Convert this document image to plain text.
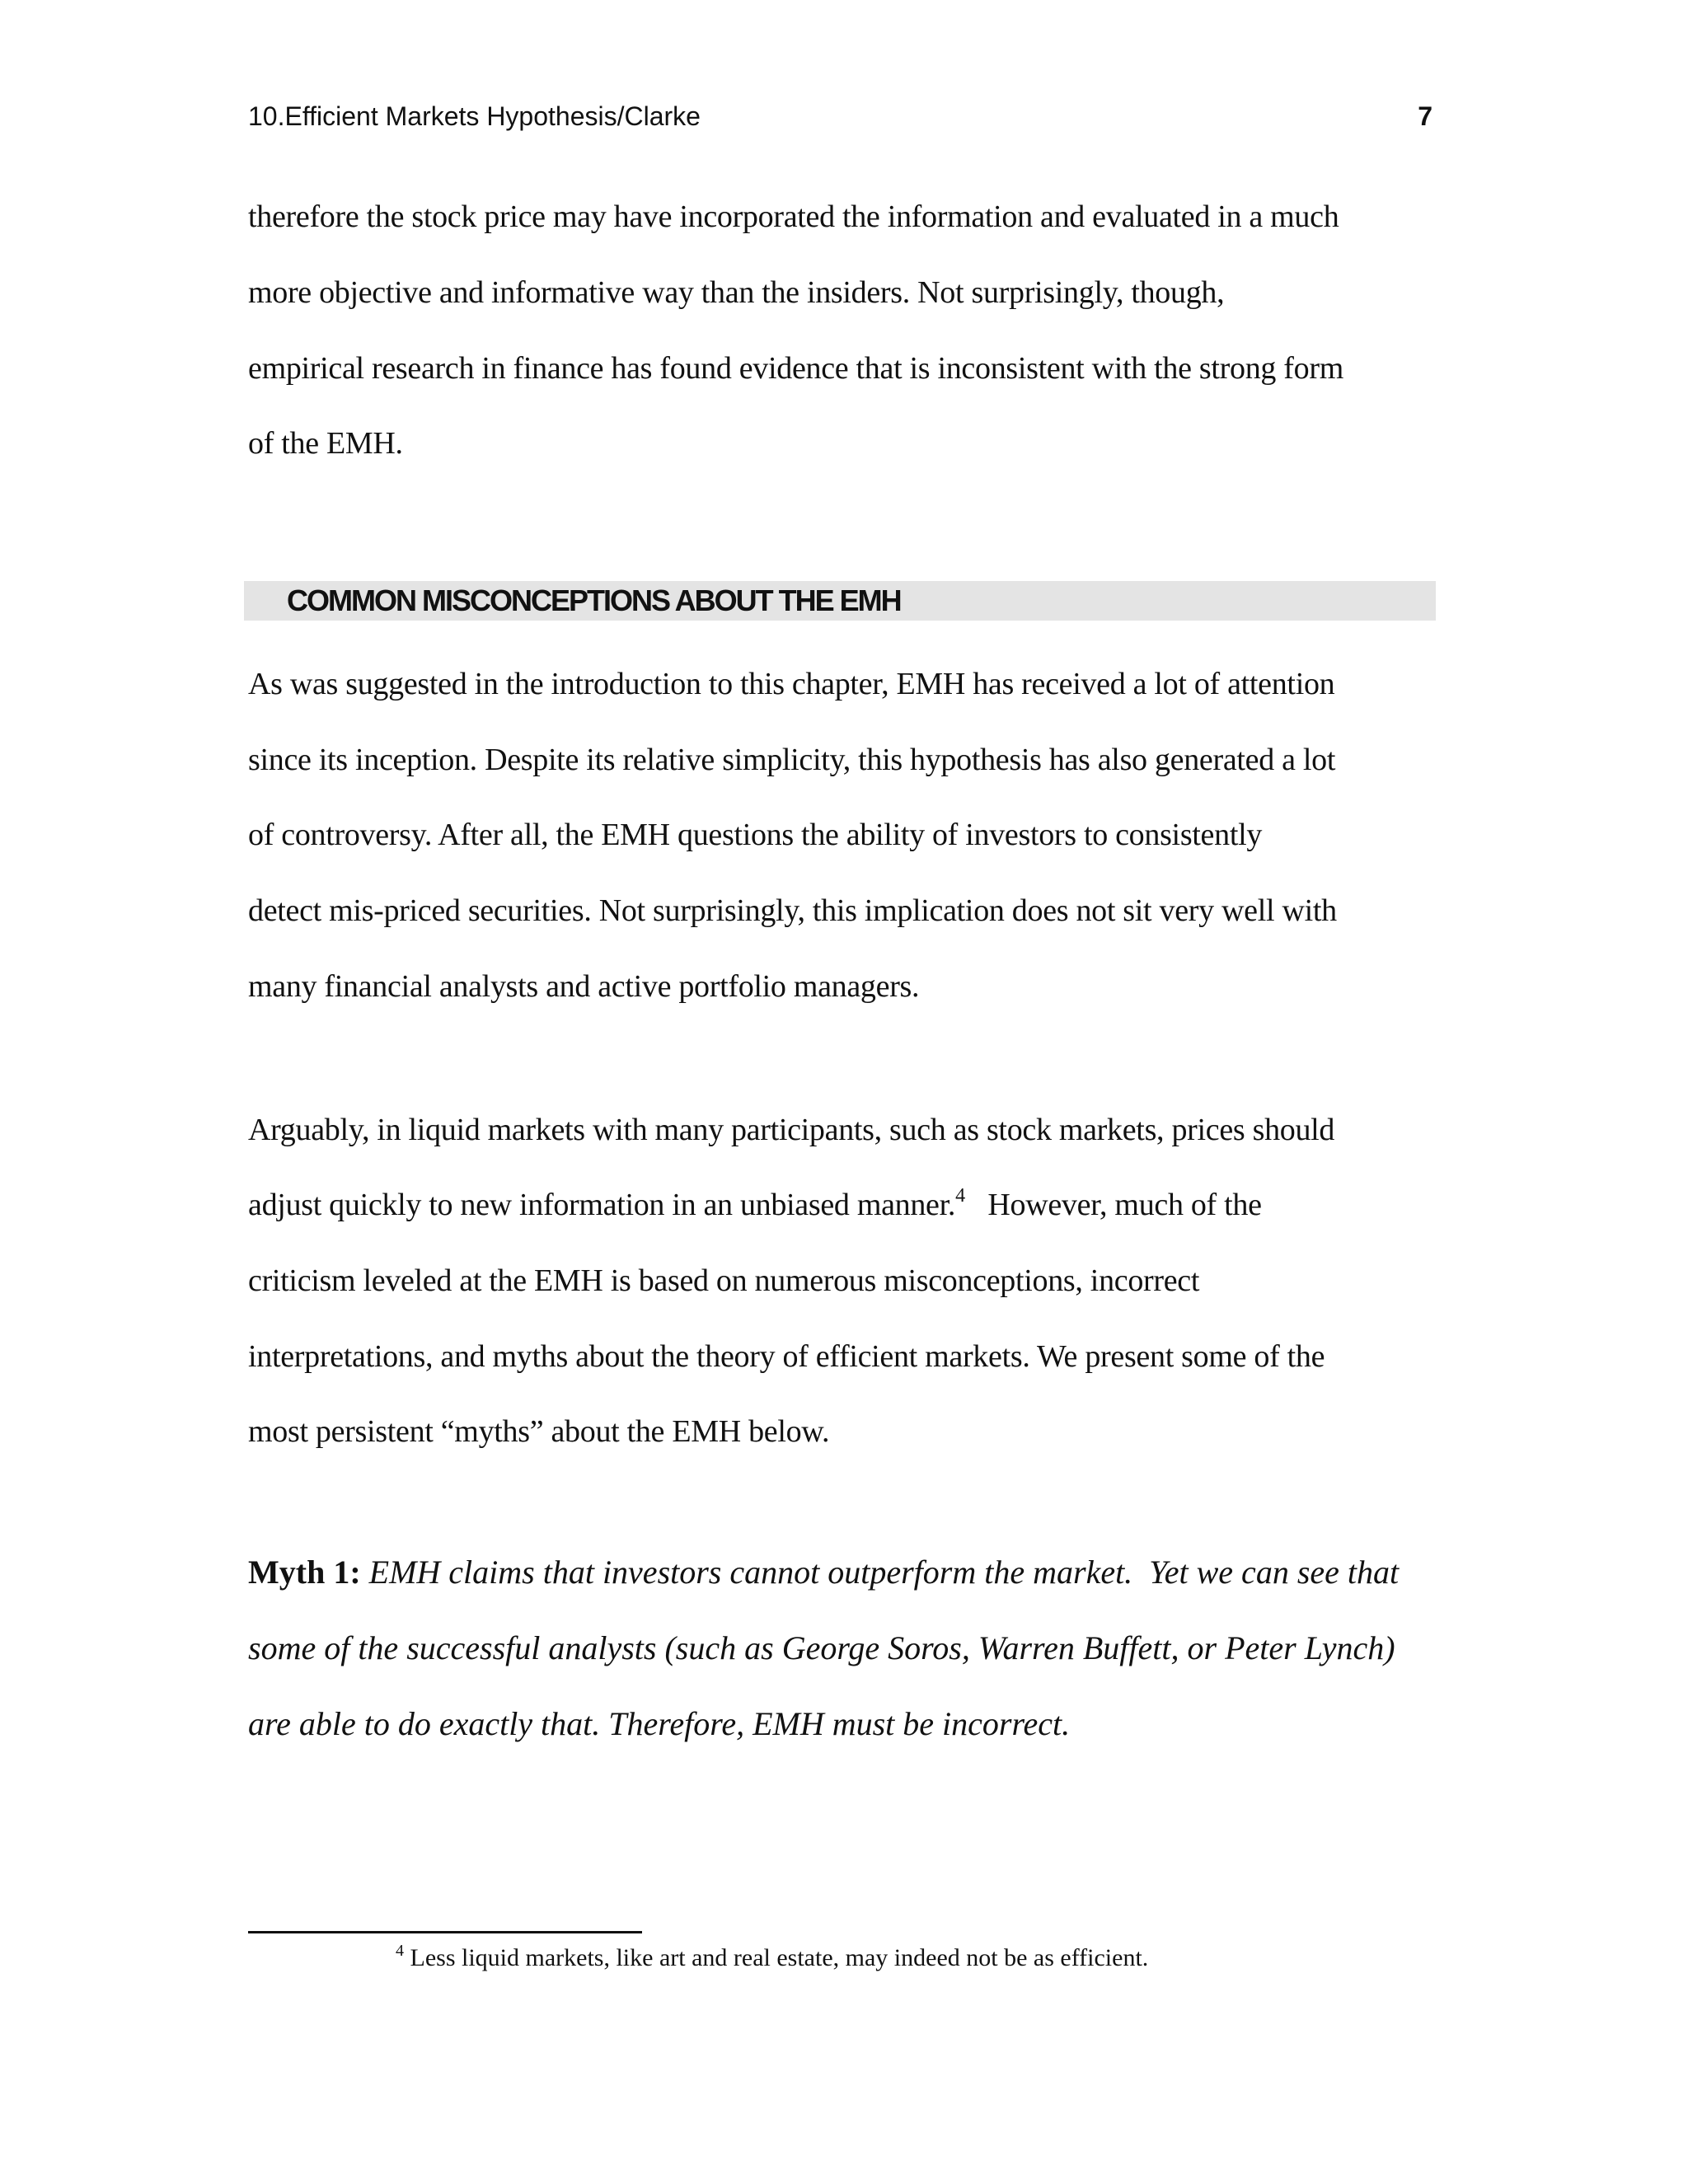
10.Efficient Markets Hypothesis/Clarke	7
therefore the stock price may have incorporated the information and evaluated in a much
more objective and informative way than the insiders. Not surprisingly, though,
empirical research in finance has found evidence that is inconsistent with the strong form
of the EMH.
COMMON MISCONCEPTIONS ABOUT THE EMH
As was suggested in the introduction to this chapter, EMH has received a lot of attention
since its inception. Despite its relative simplicity, this hypothesis has also generated a lot
of controversy. After all, the EMH questions the ability of investors to consistently
detect mis-priced securities. Not surprisingly, this implication does not sit very well with
many financial analysts and active portfolio managers.
Arguably, in liquid markets with many participants, such as stock markets, prices should
adjust quickly to new information in an unbiased manner.$^4$   However, much of the
criticism leveled at the EMH is based on numerous misconceptions, incorrect
interpretations, and myths about the theory of efficient markets. We present some of the
most persistent “myths” about the EMH below.
Myth 1: EMH claims that investors cannot outperform the market.  Yet we can see that
some of the successful analysts (such as George Soros, Warren Buffett, or Peter Lynch)
are able to do exactly that. Therefore, EMH must be incorrect.
$^4$ Less liquid markets, like art and real estate, may indeed not be as efficient.
